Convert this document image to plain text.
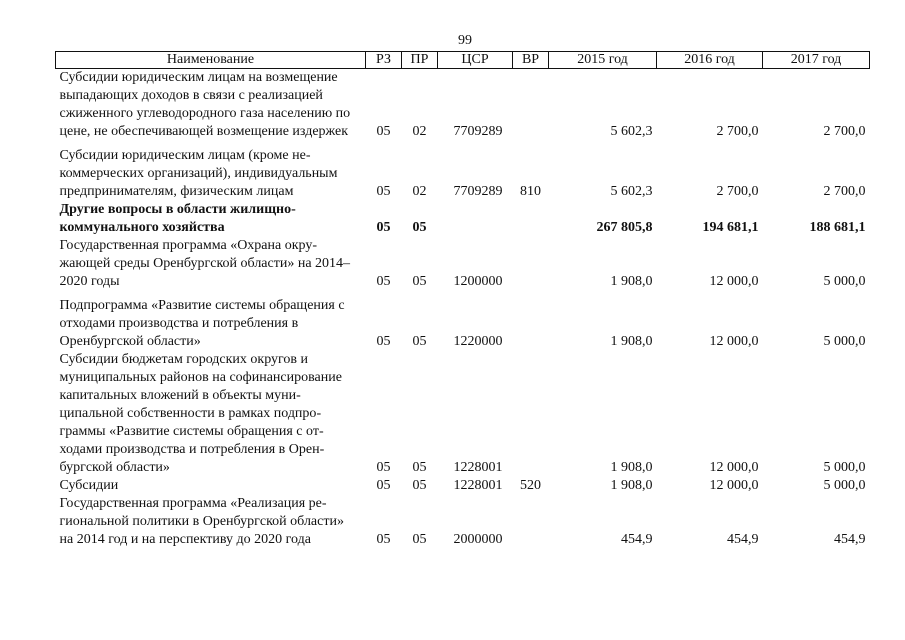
99
Наименование	РЗ	ПР	ЦСР	ВР	2015 год	2016 год	2017 год
Субсидии юридическим лицам на возмещение выпадающих доходов в связи с реализацией сжиженного углеводородного газа населению по цене, не обеспечивающей возмещение издержек	05	02	7709289		5 602,3	2 700,0	2 700,0
Субсидии юридическим лицам (кроме некоммерческих организаций), индивидуальным предпринимателям, физическим лицам	05	02	7709289	810	5 602,3	2 700,0	2 700,0
Другие вопросы в области жилищно-коммунального хозяйства	05	05			267 805,8	194 681,1	188 681,1
Государственная программа «Охрана окружающей среды Оренбургской области» на 2014–2020 годы	05	05	1200000		1 908,0	12 000,0	5 000,0
Подпрограмма «Развитие системы обращения с отходами производства и потребления в Оренбургской области»	05	05	1220000		1 908,0	12 000,0	5 000,0
Субсидии бюджетам городских округов и муниципальных районов на софинансирование капитальных вложений в объекты муниципальной собственности в рамках подпрограммы «Развитие системы обращения с отходами производства и потребления в Оренбургской области»	05	05	1228001		1 908,0	12 000,0	5 000,0
Субсидии	05	05	1228001	520	1 908,0	12 000,0	5 000,0
Государственная программа «Реализация региональной политики в Оренбургской области» на 2014 год и на перспективу до 2020 года	05	05	2000000		454,9	454,9	454,9
